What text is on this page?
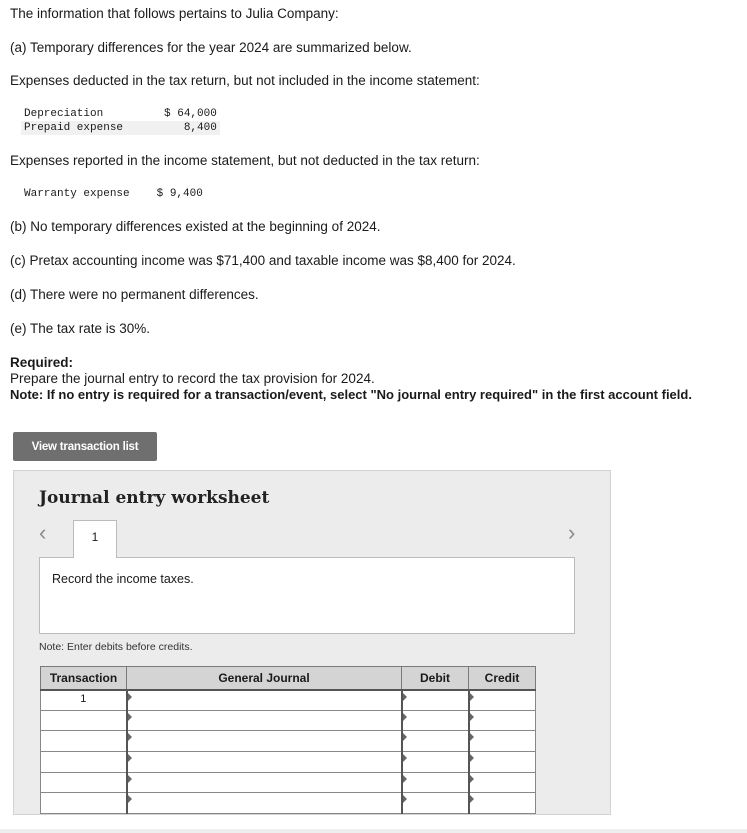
The information that follows pertains to Julia Company:
(a) Temporary differences for the year 2024 are summarized below.
Expenses deducted in the tax return, but not included in the income statement:
Depreciation	$ 64,000
Prepaid expense	8,400
Expenses reported in the income statement, but not deducted in the tax return:
Warranty expense	$ 9,400
(b) No temporary differences existed at the beginning of 2024.
(c) Pretax accounting income was $71,400 and taxable income was $8,400 for 2024.
(d) There were no permanent differences.
(e) The tax rate is 30%.
Required:
Prepare the journal entry to record the tax provision for 2024.
Note: If no entry is required for a transaction/event, select "No journal entry required" in the first account field.
View transaction list
Journal entry worksheet
‹	›
1
Record the income taxes.
Note: Enter debits before credits.
Transaction	General Journal	Debit	Credit
1			
